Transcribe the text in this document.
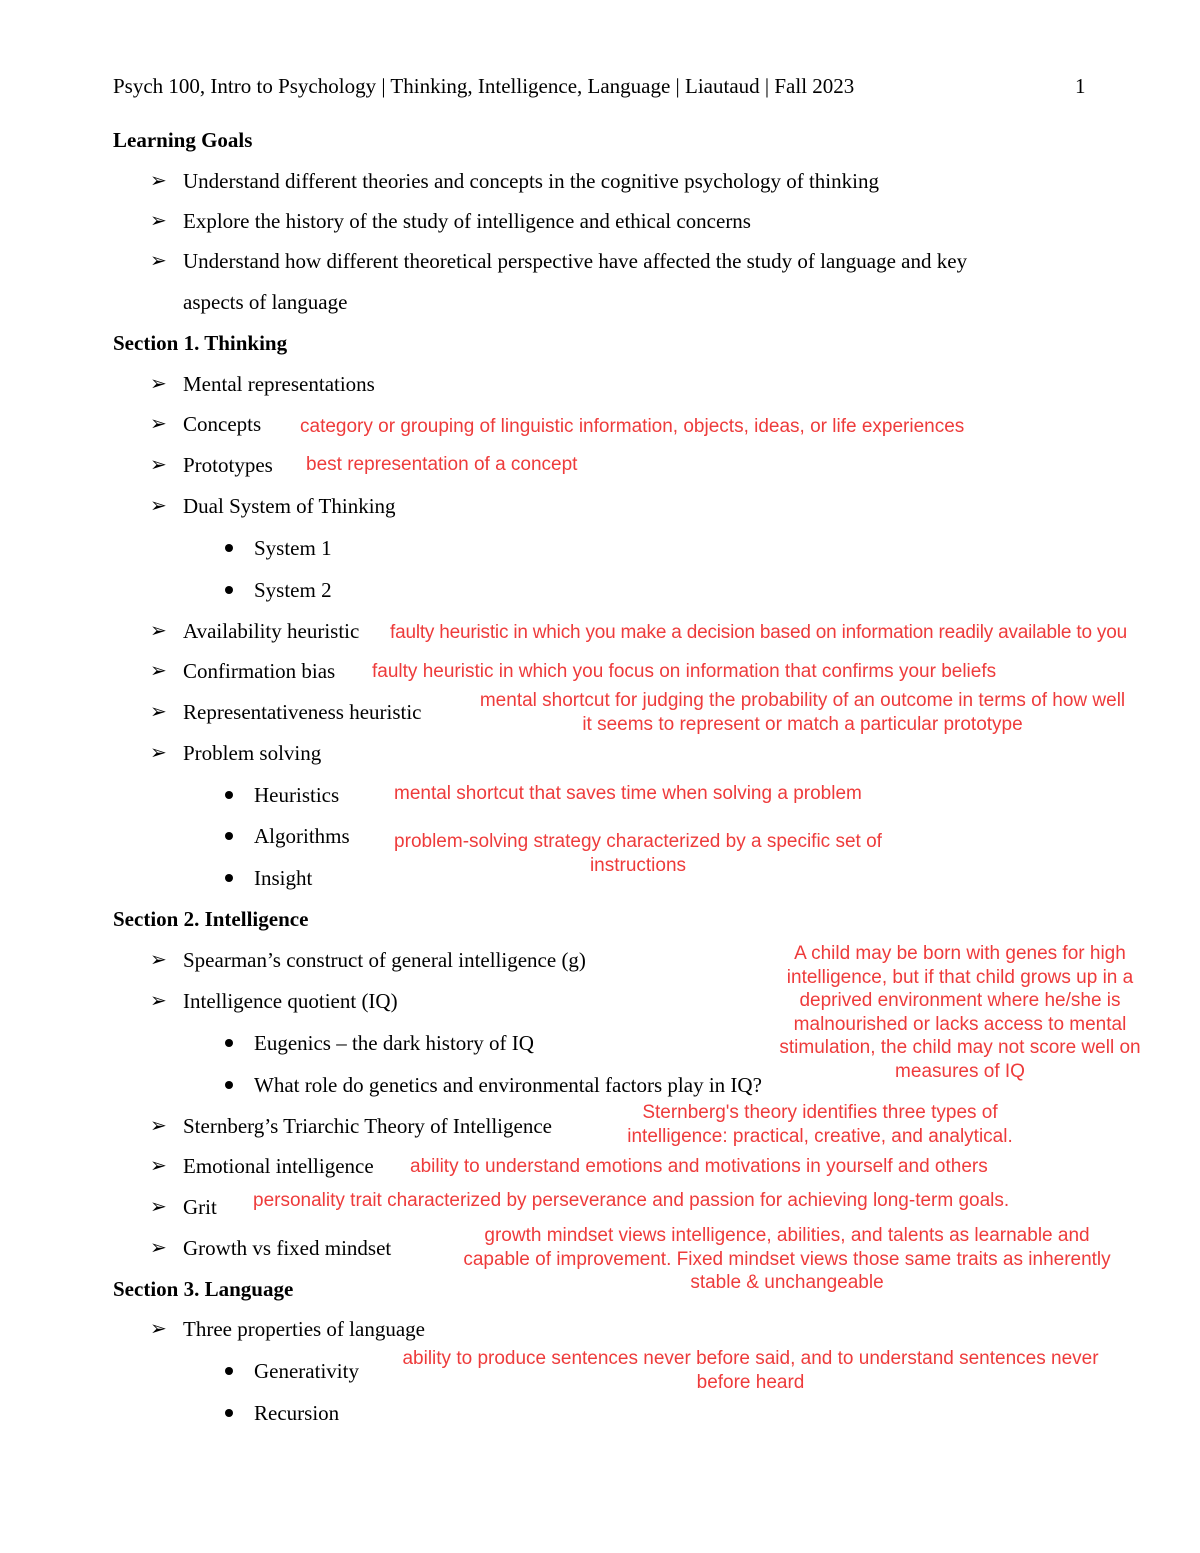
Psych 100, Intro to Psychology | Thinking, Intelligence, Language | Liautaud | Fall 2023	1
Learning Goals
➢ Understand different theories and concepts in the cognitive psychology of thinking
➢ Explore the history of the study of intelligence and ethical concerns
➢ Understand how different theoretical perspective have affected the study of language and key
aspects of language
Section 1. Thinking
➢ Mental representations
➢ Concepts category or grouping of linguistic information, objects, ideas, or life experiences
➢ Prototypes best representation of a concept
➢ Dual System of Thinking
System 1
System 2
➢ Availability heuristic faulty heuristic in which you make a decision based on information readily available to you
➢ Confirmation bias faulty heuristic in which you focus on information that confirms your beliefs
➢ Representativeness heuristic	mental shortcut for judging the probability of an outcome in terms of how well
it seems to represent or match a particular prototype
➢ Problem solving
Heuristics	mental shortcut that saves time when solving a problem
Algorithms	problem-solving strategy characterized by a specific set of
instructions
Insight
Section 2. Intelligence
➢ Spearman’s construct of general intelligence (g)	A child may be born with genes for high
intelligence, but if that child grows up in a
deprived environment where he/she is
malnourished or lacks access to mental
stimulation, the child may not score well on
measures of IQ
➢ Intelligence quotient (IQ)
Eugenics – the dark history of IQ
What role do genetics and environmental factors play in IQ?
➢ Sternberg’s Triarchic Theory of Intelligence
Sternberg's theory identifies three types of
intelligence: practical, creative, and analytical.
➢ Emotional intelligence ability to understand emotions and motivations in yourself and others
➢ Grit personality trait characterized by perseverance and passion for achieving long-term goals.
➢ Growth vs fixed mindset
growth mindset views intelligence, abilities, and talents as learnable and
capable of improvement. Fixed mindset views those same traits as inherently
stable & unchangeable
Section 3. Language
➢ Three properties of language
Generativity
ability to produce sentences never before said, and to understand sentences never
before heard
Recursion
